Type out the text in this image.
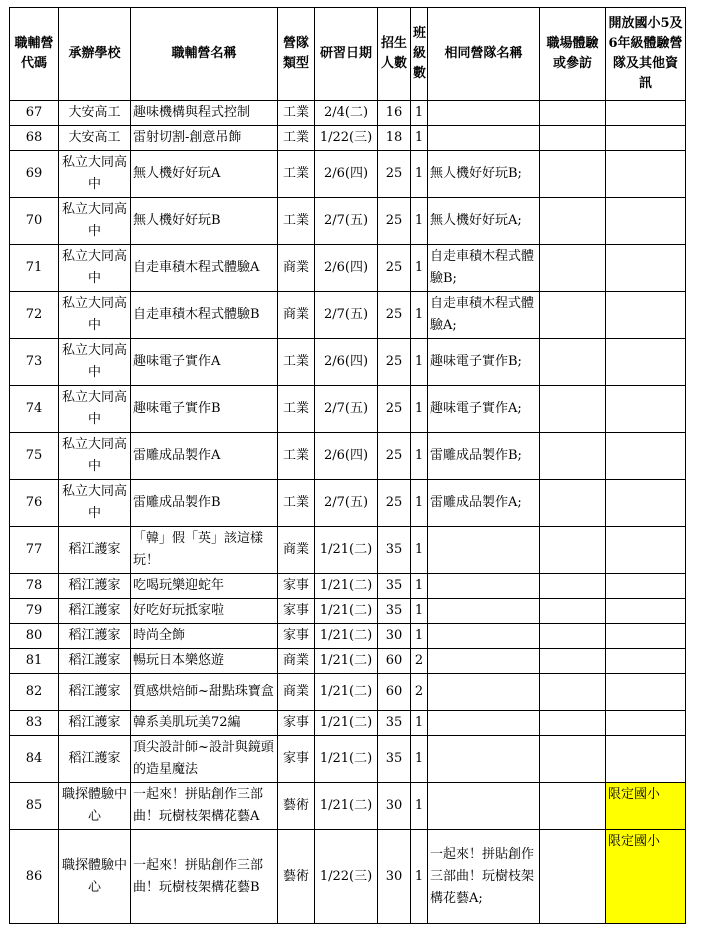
職輔營代碼	承辦學校	職輔營名稱	營隊類型	研習日期	招生人數	班級數	相同營隊名稱	職場體驗或參訪	開放國小5及6年級體驗營隊及其他資訊
67	大安高工	趣味機構與程式控制	工業	2/4(二)	16	1			
68	大安高工	雷射切割-創意吊飾	工業	1/22(三)	18	1			
69	私立大同高中	無人機好好玩A	工業	2/6(四)	25	1	無人機好好玩B;		
70	私立大同高中	無人機好好玩B	工業	2/7(五)	25	1	無人機好好玩A;		
71	私立大同高中	自走車積木程式體驗A	商業	2/6(四)	25	1	自走車積木程式體驗B;		
72	私立大同高中	自走車積木程式體驗B	商業	2/7(五)	25	1	自走車積木程式體驗A;		
73	私立大同高中	趣味電子實作A	工業	2/6(四)	25	1	趣味電子實作B;		
74	私立大同高中	趣味電子實作B	工業	2/7(五)	25	1	趣味電子實作A;		
75	私立大同高中	雷雕成品製作A	工業	2/6(四)	25	1	雷雕成品製作B;		
76	私立大同高中	雷雕成品製作B	工業	2/7(五)	25	1	雷雕成品製作A;		
77	稻江護家	「韓」假「英」該這樣玩！	商業	1/21(二)	35	1			
78	稻江護家	吃喝玩樂迎蛇年	家事	1/21(二)	35	1			
79	稻江護家	好吃好玩抵家啦	家事	1/21(二)	35	1			
80	稻江護家	時尚全飾	家事	1/21(二)	30	1			
81	稻江護家	暢玩日本樂悠遊	商業	1/21(二)	60	2			
82	稻江護家	質感烘焙師~甜點珠寶盒	商業	1/21(二)	60	2			
83	稻江護家	韓系美肌玩美72編	家事	1/21(二)	35	1			
84	稻江護家	頂尖設計師~設計與鏡頭的造星魔法	家事	1/21(二)	35	1			
85	職探體驗中心	一起來！拼貼創作三部曲！玩樹枝架構花藝A	藝術	1/21(二)	30	1			限定國小
86	職探體驗中心	一起來！拼貼創作三部曲！玩樹枝架構花藝B	藝術	1/22(三)	30	1	一起來！拼貼創作三部曲！玩樹枝架構花藝A;		限定國小
